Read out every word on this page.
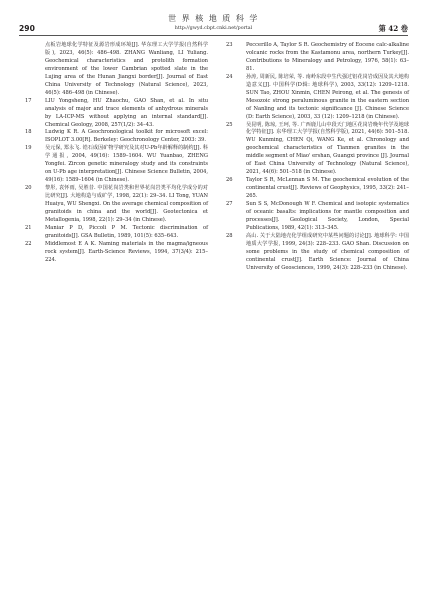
世 界 核 地 质 科 学
290	http://gwyd.cbpt.cnki.net/portal	第 42 卷
点板岩地球化学特征及源岩形成环境[J]. 华东理工大学学报(自然科学版), 2023, 46(5): 486–498. ZHANG Wanliang, LI Yuliang. Geochemical characteristics and protolith formation environment of the lower Cambrian spotted slate in the Lujing area of the Hunan Jiangxi border[J]. Journal of East China University of Technology (Natural Science), 2023, 46(5): 486–498 (in Chinese).
17	LIU Yongsheng, HU Zhaochu, GAO Shan, et al. In situ analysis of major and trace elements of anhydrous minerals by LA-ICP-MS without applying an internal standard[J]. Chemical Geology, 2008, 257(1/2): 34–43.
18	Ludwig K R. A Geochronological toolkit for microsoft excel: ISOPLOT 3.00[R]. Berkeley: Geochronology Center, 2003: 39.
19	吴元保, 郑永飞. 锆石成因矿物学研究及其对U-Pb年龄解释的制约[J]. 科学通报, 2004, 49(16): 1589–1604. WU Yuanbao, ZHENG Yongfei. Zircon genetic mineralogy study and its constraints on U-Pb age interpretation[J]. Chinese Science Bulletin, 2004, 49(16): 1589–1604 (in Chinese).
20	黎彤, 袁怀雨, 吴胜昔. 中国花岗岩类和世界花岗岩类平均化学成分的对比研究[J]. 大地构造与成矿学, 1998, 22(1): 29–34. LI Tong, YUAN Huaiyu, WU Shengxi. On the average chemical composition of granitoids in china and the world[J]. Geotectonica et Metallogenia, 1998, 22(1): 29–34 (in Chinese).
21	Maniar P D, Piccoli P M. Tectonic discrimination of granitoids[J]. GSA Bulletin, 1989, 101(5): 635–643.
22	Middlemost E A K. Naming materials in the magma/igneous rock system[J]. Earth-Science Reviews, 1994, 37(3/4): 215–224.
23	Peccerillo A, Taylor S R. Geochemistry of Eocene calc-alkaline volcanic rocks from the Kastamonu area, northern Turkey[J]. Contributions to Mineralogy and Petrology, 1976, 58(1): 63–81.
24	孙涛, 周新民, 陈培荣, 等. 南岭东段中生代强过铝花岗岩成因及其大地构造意义[J]. 中国科学(D辑: 地球科学), 2003, 33(12): 1209–1218. SUN Tao, ZHOU Xinmin, CHEN Peirong, et al. The genesis of Mesozoic strong peraluminous granite in the eastern section of Nanling and its tectonic significance [J]. Chinese Science (D: Earth Science), 2003, 33 (12): 1209–1218 (in Chinese).
25	吴昆明, 陈琼, 王珂, 等. 广西鹿儿山中段天门地区花岗岩晚年代学及地球化学特征[J]. 东华理工大学学报(自然科学版), 2021, 44(6): 501–518. WU Kunming, CHEN Qi, WANG Ke, et al. Chronology and geochemical characteristics of Tianmen granites in the middle segment of Miao' ershan, Guangxi province [J]. Journal of East China University of Technology (Natural Science), 2021, 44(6): 501–518 (in Chinese).
26	Taylor S R, McLennan S M. The geochemical evolution of the continental crust[J]. Reviews of Geophysics, 1995, 33(2): 241–265.
27	Sun S S, McDonough W F. Chemical and isotopic systematics of oceanic basalts: implications for mantle composition and processes[J]. Geological Society, London, Special Publications, 1989, 42(1): 313–345.
28	高山. 关于大陆地壳化学组成研究中某些问题的讨论[J]. 地球科学: 中国地质大学学报, 1999, 24(3): 228–233. GAO Shan. Discussion on some problems in the study of chemical composition of continental crust[J]. Earth Science: Journal of China University of Geosciences, 1999, 24(3): 228–233 (in Chinese).
